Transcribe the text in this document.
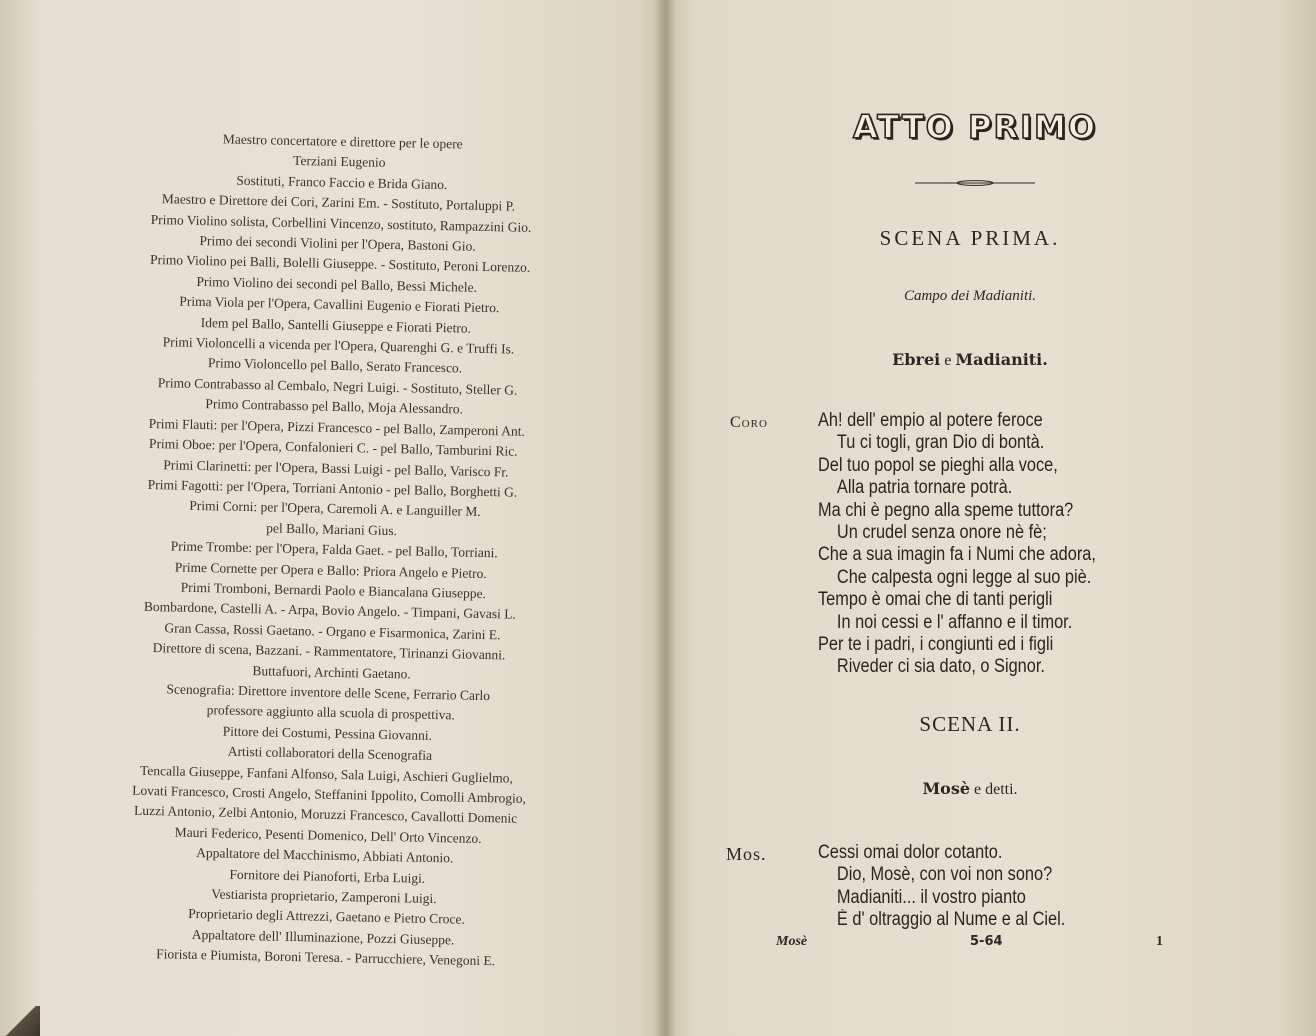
Maestro concertatore e direttore per le opere
Terziani Eugenio
Sostituti, Franco Faccio e Brida Giano.
Maestro e Direttore dei Cori, Zarini Em. - Sostituto, Portaluppi P.
Primo Violino solista, Corbellini Vincenzo, sostituto, Rampazzini Gio.
Primo dei secondi Violini per l'Opera, Bastoni Gio.
Primo Violino pei Balli, Bolelli Giuseppe. - Sostituto, Peroni Lorenzo.
Primo Violino dei secondi pel Ballo, Bessi Michele.
Prima Viola per l'Opera, Cavallini Eugenio e Fiorati Pietro.
Idem pel Ballo, Santelli Giuseppe e Fiorati Pietro.
Primi Violoncelli a vicenda per l'Opera, Quarenghi G. e Truffi Is.
Primo Violoncello pel Ballo, Serato Francesco.
Primo Contrabasso al Cembalo, Negri Luigi. - Sostituto, Steller G.
Primo Contrabasso pel Ballo, Moja Alessandro.
Primi Flauti: per l'Opera, Pizzi Francesco - pel Ballo, Zamperoni Ant.
Primi Oboe: per l'Opera, Confalonieri C. - pel Ballo, Tamburini Ric.
Primi Clarinetti: per l'Opera, Bassi Luigi - pel Ballo, Varisco Fr.
Primi Fagotti: per l'Opera, Torriani Antonio - pel Ballo, Borghetti G.
Primi Corni: per l'Opera, Caremoli A. e Languiller M.
pel Ballo, Mariani Gius.
Prime Trombe: per l'Opera, Falda Gaet. - pel Ballo, Torriani.
Prime Cornette per Opera e Ballo: Priora Angelo e Pietro.
Primi Tromboni, Bernardi Paolo e Biancalana Giuseppe.
Bombardone, Castelli A. - Arpa, Bovio Angelo. - Timpani, Gavasi L.
Gran Cassa, Rossi Gaetano. - Organo e Fisarmonica, Zarini E.
Direttore di scena, Bazzani. - Rammentatore, Tirinanzi Giovanni.
Buttafuori, Archinti Gaetano.
Scenografia: Direttore inventore delle Scene, Ferrario Carlo
professore aggiunto alla scuola di prospettiva.
Pittore dei Costumi, Pessina Giovanni.
Artisti collaboratori della Scenografia
Tencalla Giuseppe, Fanfani Alfonso, Sala Luigi, Aschieri Guglielmo,
Lovati Francesco, Crosti Angelo, Steffanini Ippolito, Comolli Ambrogio,
Luzzi Antonio, Zelbi Antonio, Moruzzi Francesco, Cavallotti Domenic
Mauri Federico, Pesenti Domenico, Dell' Orto Vincenzo.
Appaltatore del Macchinismo, Abbiati Antonio.
Fornitore dei Pianoforti, Erba Luigi.
Vestiarista proprietario, Zamperoni Luigi.
Proprietario degli Attrezzi, Gaetano e Pietro Croce.
Appaltatore dell' Illuminazione, Pozzi Giuseppe.
Fiorista e Piumista, Boroni Teresa. - Parrucchiere, Venegoni E.
ATTO PRIMO
SCENA PRIMA.
Campo dei Madianiti.
Ebrei e Madianiti.
Coro	Ah! dell' empio al potere feroce
Tu ci togli, gran Dio di bontà.
Del tuo popol se pieghi alla voce,
Alla patria tornare potrà.
Ma chi è pegno alla speme tuttora?
Un crudel senza onore nè fè;
Che a sua imagin fa i Numi che adora,
Che calpesta ogni legge al suo piè.
Tempo è omai che di tanti perigli
In noi cessi e l' affanno e il timor.
Per te i padri, i congiunti ed i figli
Riveder ci sia dato, o Signor.
SCENA II.
Mosè e detti.
Mos.	Cessi omai dolor cotanto.
Dio, Mosè, con voi non sono?
Madianiti... il vostro pianto
È d' oltraggio al Nume e al Ciel.
Mosè	5-64	1
